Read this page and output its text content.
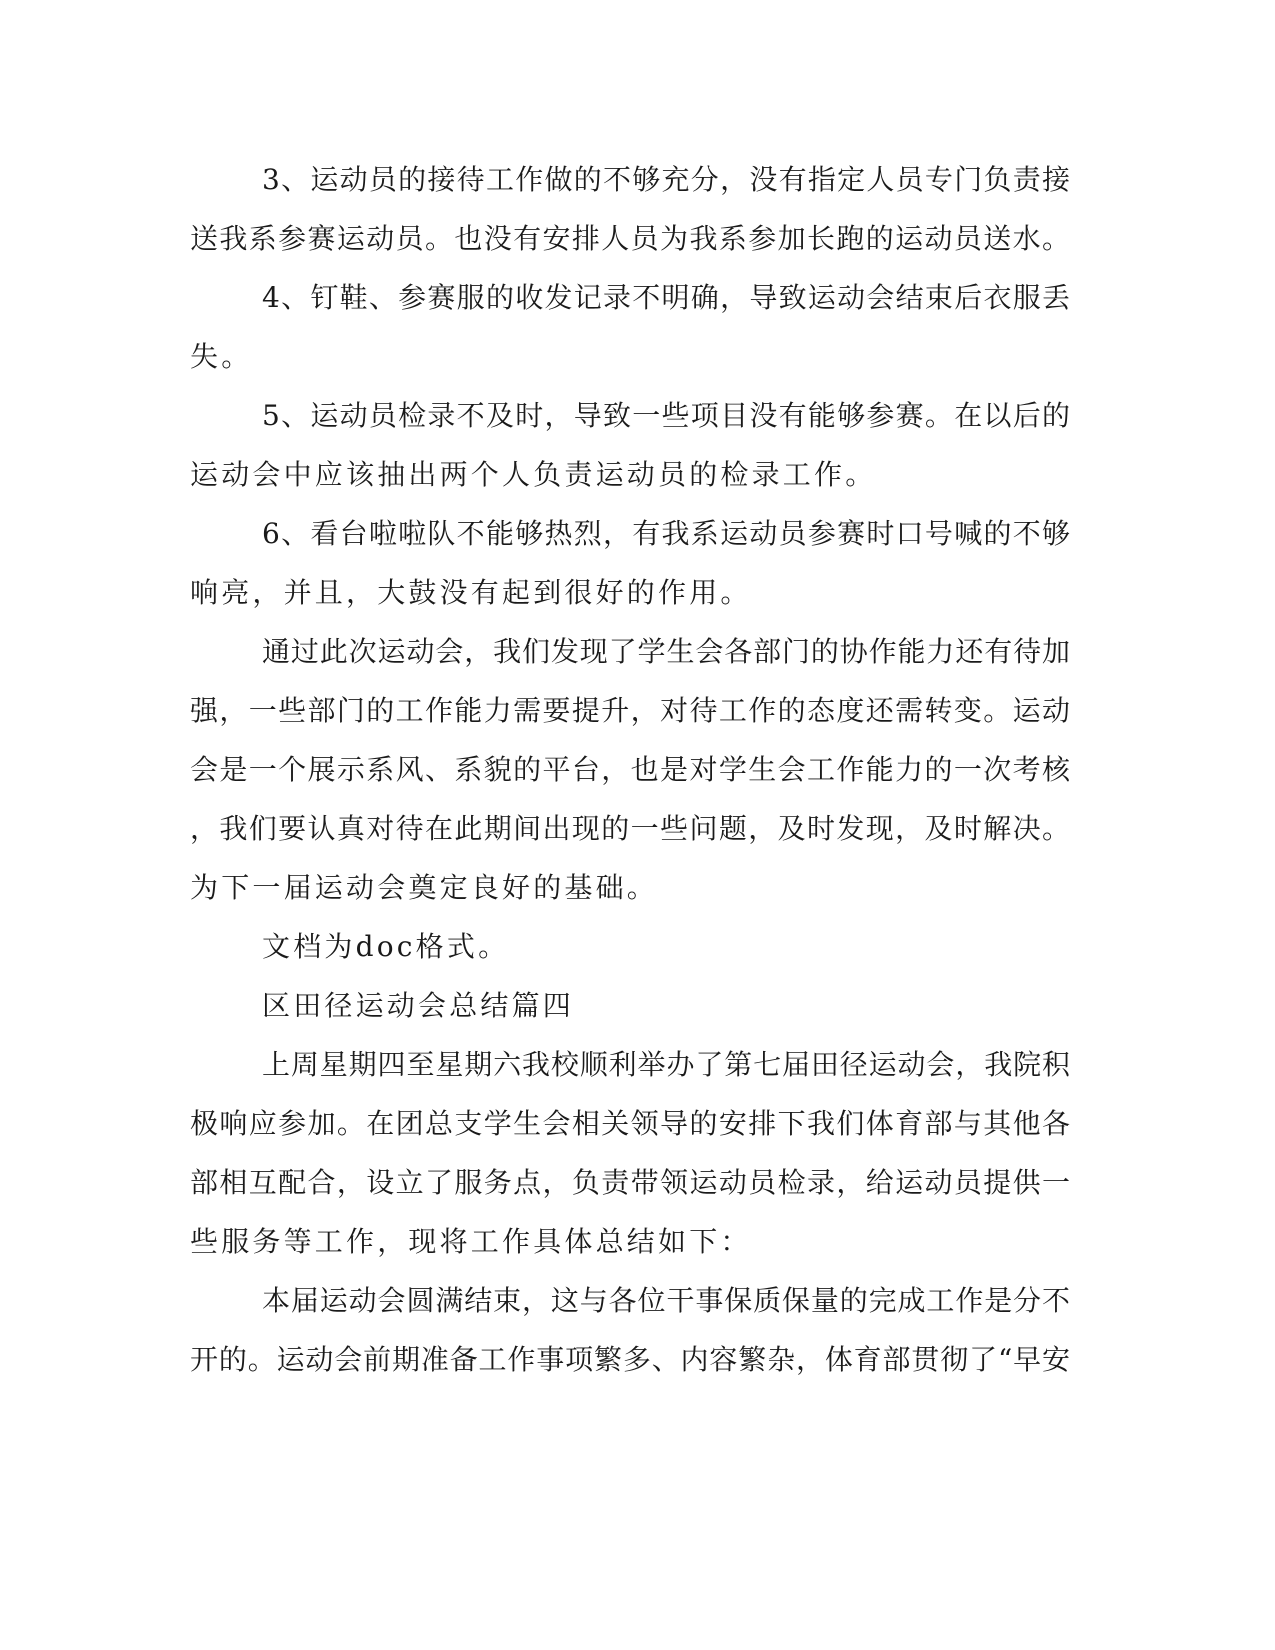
3、运动员的接待工作做的不够充分，没有指定人员专门负责接
送我系参赛运动员。也没有安排人员为我系参加长跑的运动员送水。
4、钉鞋、参赛服的收发记录不明确，导致运动会结束后衣服丢
失。
5、运动员检录不及时，导致一些项目没有能够参赛。在以后的
运动会中应该抽出两个人负责运动员的检录工作。
6、看台啦啦队不能够热烈，有我系运动员参赛时口号喊的不够
响亮，并且，大鼓没有起到很好的作用。
通过此次运动会，我们发现了学生会各部门的协作能力还有待加
强，一些部门的工作能力需要提升，对待工作的态度还需转变。运动
会是一个展示系风、系貌的平台，也是对学生会工作能力的一次考核
，我们要认真对待在此期间出现的一些问题，及时发现，及时解决。
为下一届运动会奠定良好的基础。
文档为doc格式。
区田径运动会总结篇四
上周星期四至星期六我校顺利举办了第七届田径运动会，我院积
极响应参加。在团总支学生会相关领导的安排下我们体育部与其他各
部相互配合，设立了服务点，负责带领运动员检录，给运动员提供一
些服务等工作，现将工作具体总结如下：
本届运动会圆满结束，这与各位干事保质保量的完成工作是分不
开的。运动会前期准备工作事项繁多、内容繁杂，体育部贯彻了“早安
